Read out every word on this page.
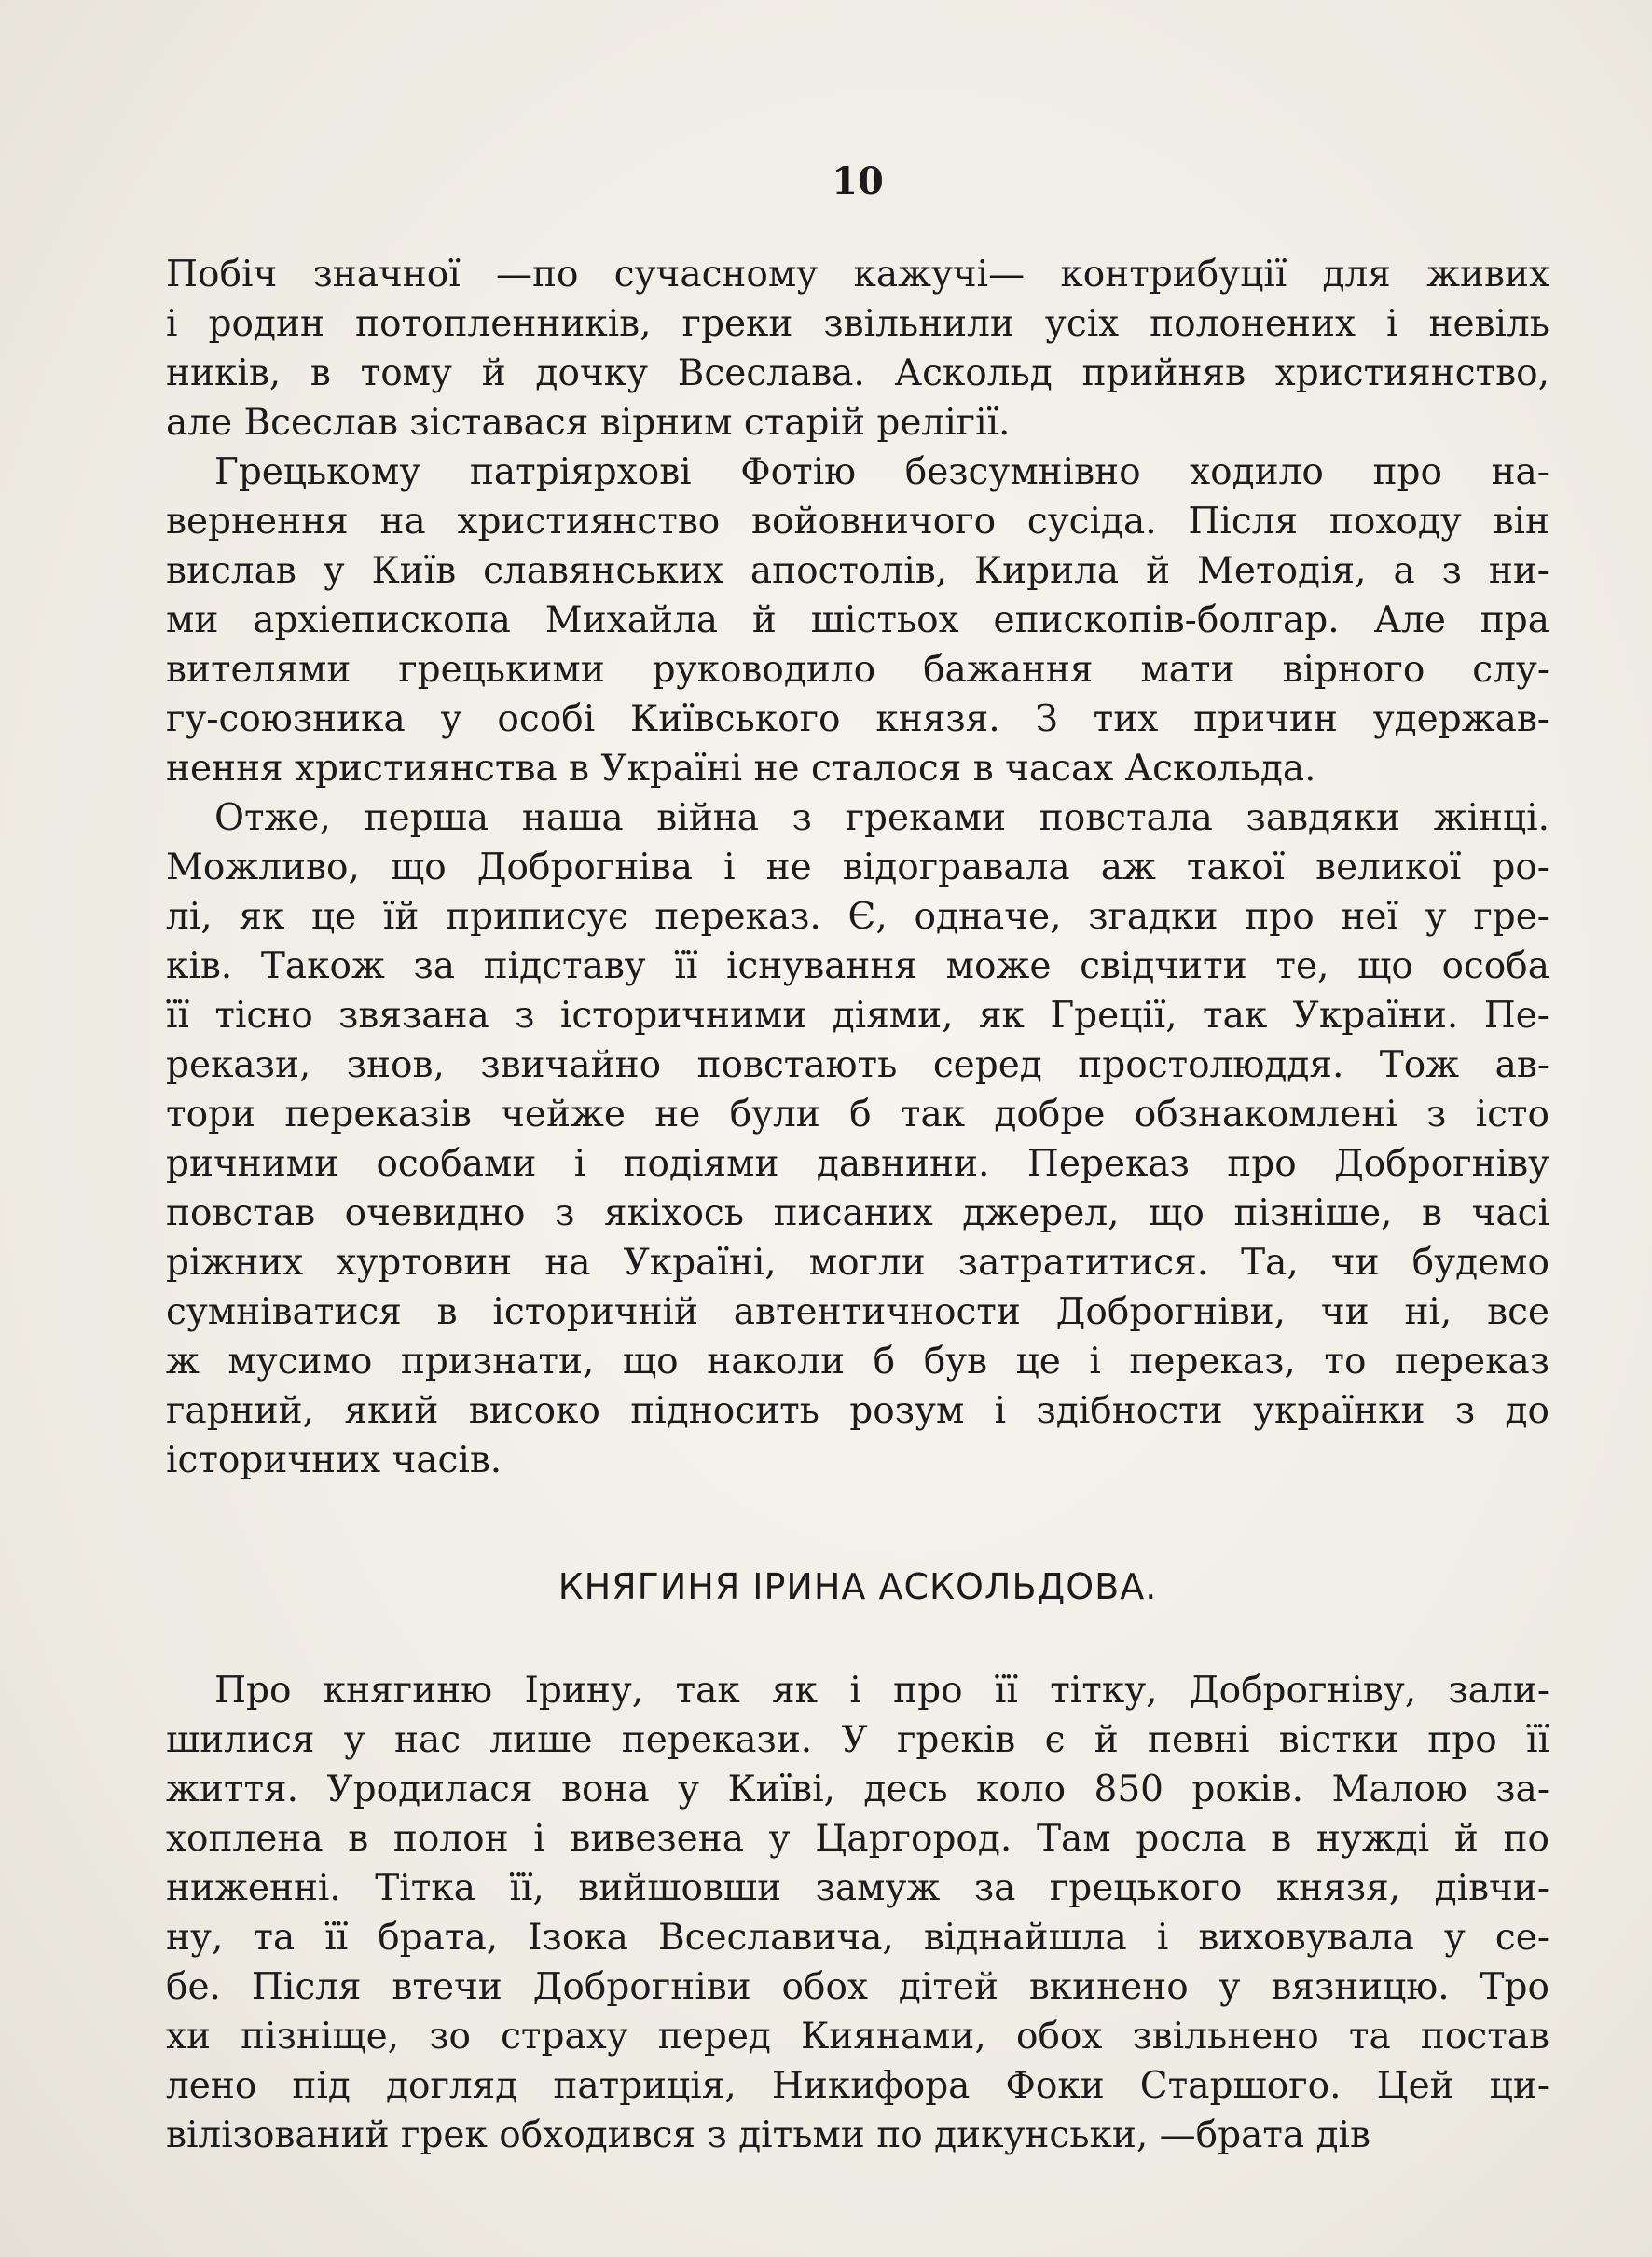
10

Побіч значної —по сучасному кажучі— контрибуції для живих
і родин потопленників, греки звільнили усіх полонених і невіль
ників, в тому й дочку Всеслава. Аскольд прийняв християнство,
але Всеслав зіставася вірним старій релігії.

Грецькому патріярхові Фотію безсумнівно ходило про на-
вернення на християнство войовничого сусіда. Після походу він
вислав у Київ славянських апостолів, Кирила й Методія, а з ни-
ми архіепископа Михайла й шістьох епископів-болгар. Але пра
вителями грецькими руководило бажання мати вірного слу-
гу-союзника у особі Київського князя. З тих причин удержав-
нення християнства в Україні не сталося в часах Аскольда.

Отже, перша наша війна з греками повстала завдяки жінці.
Можливо, що Доброгніва і не відогравала аж такої великої ро-
лі, як це їй приписує переказ. Є, одначе, згадки про неї у гре-
ків. Також за підставу її існування може свідчити те, що особа
її тісно звязана з історичними діями, як Греції, так України. Пе-
рекази, знов, звичайно повстають серед простолюддя. Тож ав-
тори переказів чейже не були б так добре обзнакомлені з істо
ричними особами і подіями давнини. Переказ про Доброгніву
повстав очевидно з якіхось писаних джерел, що пізніше, в часі
ріжних хуртовин на Україні, могли затратитися. Та, чи будемо
сумніватися в історичній автентичности Доброгніви, чи ні, все
ж мусимо признати, що наколи б був це і переказ, то переказ
гарний, який високо підносить розум і здібности українки з до
історичних часів.

КНЯГИНЯ ІРИНА АСКОЛЬДОВА.

Про княгиню Ірину, так як і про її тітку, Доброгніву, зали-
шилися у нас лише перекази. У греків є й певні вістки про її
життя. Уродилася вона у Київі, десь коло 850 років. Малою за-
хоплена в полон і вивезена у Царгород. Там росла в нужді й по
ниженні. Тітка її, вийшовши замуж за грецького князя, дівчи-
ну, та її брата, Ізока Всеславича, віднайшла і виховувала у се-
бе. Після втечи Доброгніви обох дітей вкинено у вязницю. Тро
хи пізніще, зо страху перед Киянами, обох звільнено та постав
лено під догляд патриція, Никифора Фоки Старшого. Цей ци-
вілізований грек обходився з дітьми по дикунськи, —брата дів
